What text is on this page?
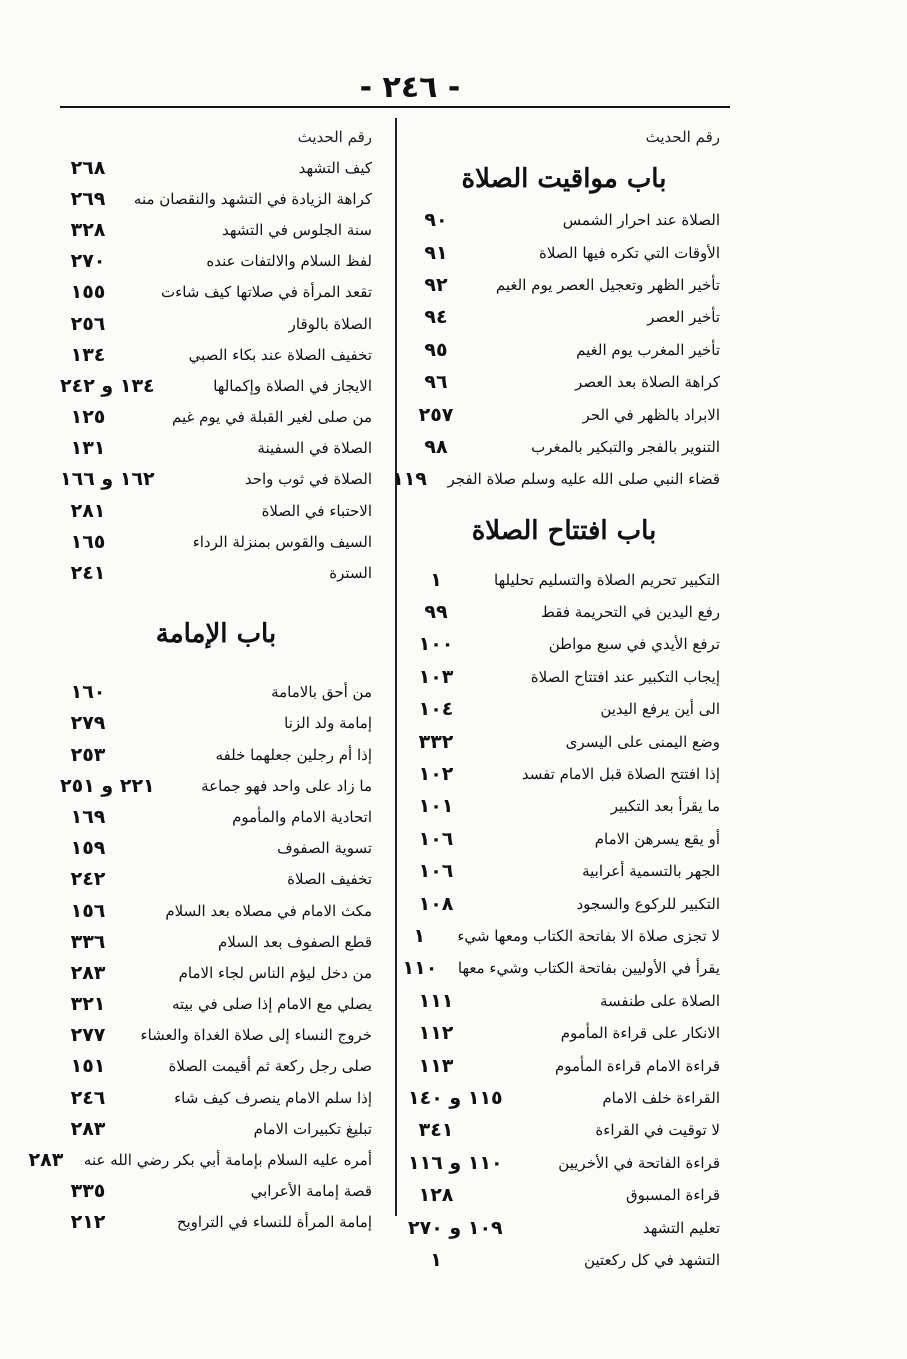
- ٢٤٦ -
رقم الحديث
باب مواقيت الصلاة
الصلاة عند احرار الشمس
٩٠
الأوقات التي تكره فيها الصلاة
٩١
تأخير الظهر وتعجيل العصر يوم الغيم
٩٢
تأخير العصر
٩٤
تأخير المغرب يوم الغيم
٩٥
كراهة الصلاة بعد العصر
٩٦
الابراد بالظهر في الحر
٢٥٧
التنوير بالفجر والتبكير بالمغرب
٩٨
قضاء النبي صلى الله عليه وسلم صلاة الفجر
١١٩
باب افتتاح الصلاة
التكبير تحريم الصلاة والتسليم تحليلها
١
رفع اليدين في التحريمة فقط
٩٩
ترفع الأيدي في سبع مواطن
١٠٠
إيجاب التكبير عند افتتاح الصلاة
١٠٣
الى أين يرفع اليدين
١٠٤
وضع اليمنى على اليسرى
٣٣٢
إذا افتتح الصلاة قبل الامام تفسد
١٠٢
ما يقرأ بعد التكبير
١٠١
أو يقع يسرهن الامام
١٠٦
الجهر بالتسمية أعرابية
١٠٦
التكبير للركوع والسجود
١٠٨
لا تجزى صلاة الا بفاتحة الكتاب ومعها شيء
١
يقرأ في الأوليين بفاتحة الكتاب وشيء معها
١١٠
الصلاة على طنفسة
١١١
الانكار على قراءة المأموم
١١٢
قراءة الامام قراءة المأموم
١١٣
القراءة خلف الامام
١١٥ و ١٤٠
لا توقيت في القراءة
٣٤١
قراءة الفاتحة في الأخريين
١١٠ و ١١٦
قراءة المسبوق
١٢٨
تعليم التشهد
١٠٩ و ٢٧٠
التشهد في كل ركعتين
١
رقم الحديث
كيف التشهد
٢٦٨
كراهة الزيادة في التشهد والنقصان منه
٢٦٩
سنة الجلوس في التشهد
٣٢٨
لفظ السلام والالتفات عنده
٢٧٠
تقعد المرأة في صلاتها كيف شاءت
١٥٥
الصلاة بالوقار
٢٥٦
تخفيف الصلاة عند بكاء الصبي
١٣٤
الايجاز في الصلاة وإكمالها
١٣٤ و ٢٤٢
من صلى لغير القبلة في يوم غيم
١٢٥
الصلاة في السفينة
١٣١
الصلاة في ثوب واحد
١٦٢ و ١٦٦
الاحتباء في الصلاة
٢٨١
السيف والقوس بمنزلة الرداء
١٦٥
السترة
٢٤١
باب الإمامة
من أحق بالامامة
١٦٠
إمامة ولد الزنا
٢٧٩
إذا أم رجلين جعلهما خلفه
٢٥٣
ما زاد على واحد فهو جماعة
٢٢١ و ٢٥١
اتحادية الامام والمأموم
١٦٩
تسوية الصفوف
١٥٩
تخفيف الصلاة
٢٤٢
مكث الامام في مصلاه بعد السلام
١٥٦
قطع الصفوف بعد السلام
٣٣٦
من دخل ليؤم الناس لجاء الامام
٢٨٣
يصلي مع الامام إذا صلى في بيته
٣٢١
خروج النساء إلى صلاة الغداة والعشاء
٢٧٧
صلى رجل ركعة ثم أقيمت الصلاة
١٥١
إذا سلم الامام ينصرف كيف شاء
٢٤٦
تبليغ تكبيرات الامام
٢٨٣
أمره عليه السلام بإمامة أبي بكر رضي الله عنه
٢٨٣
قصة إمامة الأعرابي
٣٣٥
إمامة المرأة للنساء في التراويح
٢١٢
